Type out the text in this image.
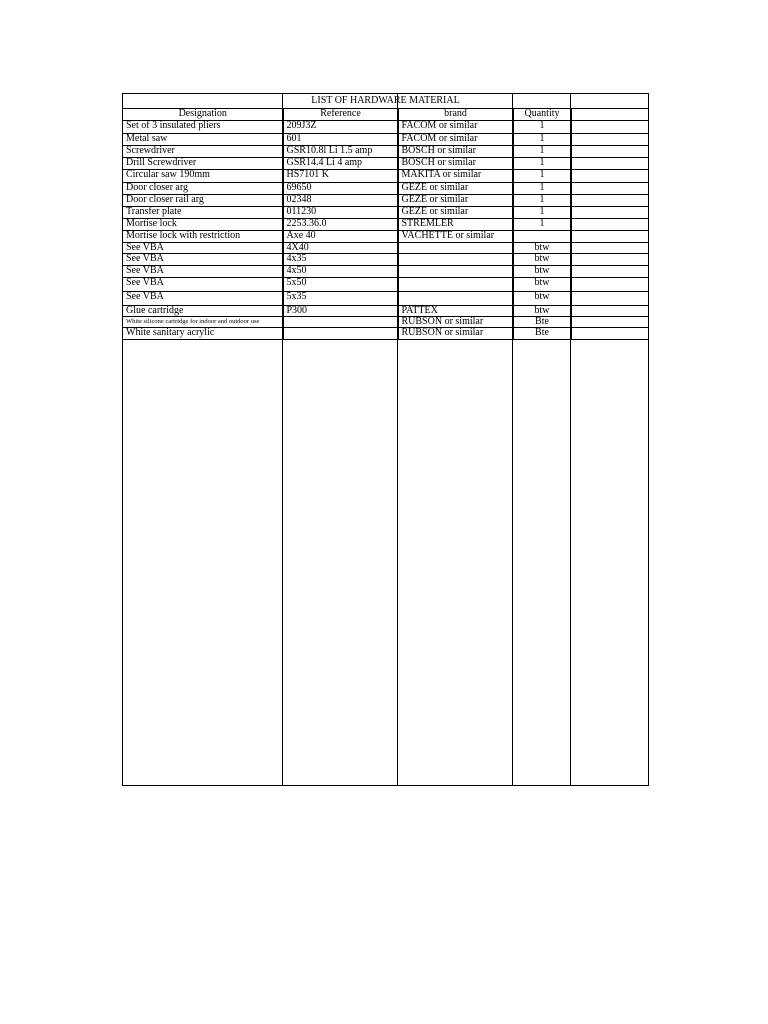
LIST OF HARDWARE MATERIAL
Designation	Reference	brand	Quantity	
Set of 3 insulated pliers	209J3Z	FACOM or similar	1	
Metal saw	601	FACOM or similar	1	
Screwdriver	GSR10.8l Li 1.5 amp	BOSCH or similar	1	
Drill Screwdriver	GSR14.4 Li 4 amp	BOSCH or similar	1	
Circular saw 190mm	HS7101 K	MAKITA or similar	1	
Door closer arg	69650	GEZE or similar	1	
Door closer rail arg	02348	GEZE or similar	1	
Transfer plate	011230	GEZE or similar	1	
Mortise lock	2253.36.0	STREMLER	1	
Mortise lock with restriction	Axe 40	VACHETTE or similar		
See VBA	4X40		btw	
See VBA	4x35		btw	
See VBA	4x50		btw	
See VBA	5x50		btw	
See VBA	5x35		btw	
Glue cartridge	P300	PATTEX	btw	
White silicone cartridge for indoor and outdoor use		RUBSON or similar	Bte	
White sanitary acrylic		RUBSON or similar	Bte	
